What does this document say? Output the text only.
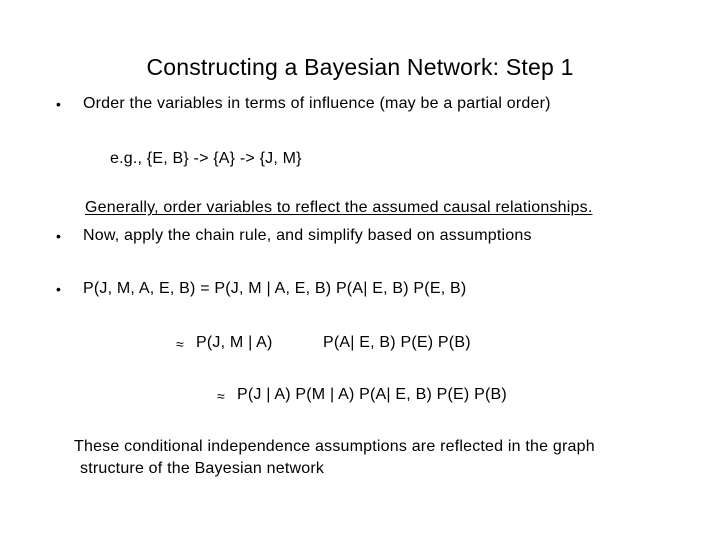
Constructing a Bayesian Network: Step 1
• Order the variables in terms of influence (may be a partial order)
e.g., {E, B} -> {A} -> {J, M}
Generally, order variables to reflect the assumed causal relationships.
• Now, apply the chain rule, and simplify based on assumptions
• P(J, M, A, E, B) = P(J, M | A, E, B) P(A| E, B) P(E, B)
≈ P(J, M | A)	P(A| E, B) P(E) P(B)
≈ P(J | A) P(M | A) P(A| E, B) P(E) P(B)
These conditional independence assumptions are reflected in the graph
structure of the Bayesian network
